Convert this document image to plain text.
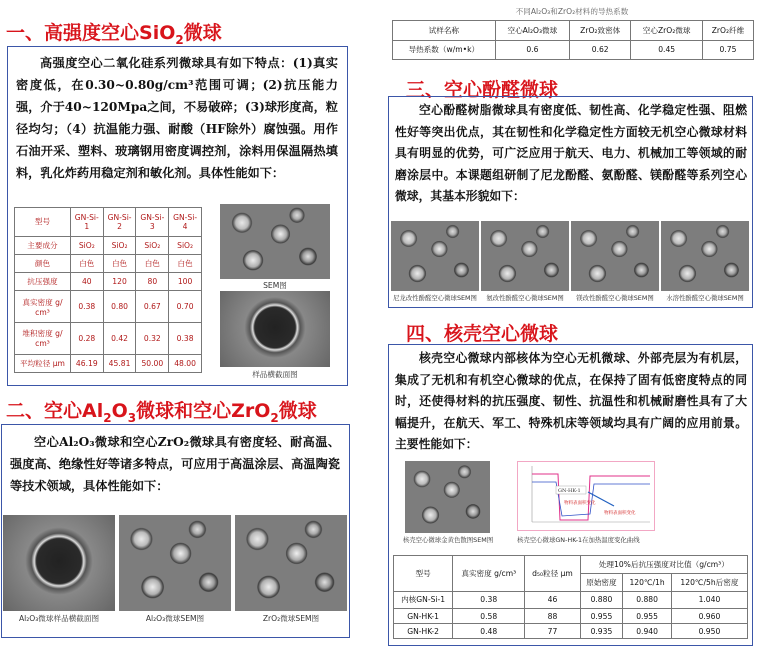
一、高强度空心SiO$_2$微球
高强度空心二氧化硅系列微球具有如下特点：(1)真实密度低，在0.30~0.80g/cm³范围可调；(2)抗压能力强，介于40~120Mpa之间，不易破碎；(3)球形度高，粒径均匀；（4）抗温能力强、耐酸（HF除外）腐蚀强。用作石油开采、塑料、玻璃钢用密度调控剂，涂料用保温隔热填料，乳化炸药用稳定剂和敏化剂。具体性能如下：
型号	GN-Si-1	GN-Si-2	GN-Si-3	GN-Si-4
主要成分	SiO₂	SiO₂	SiO₂	SiO₂
颜色	白色	白色	白色	白色
抗压强度	40	120	80	100
真实密度 g/ cm³	0.38	0.80	0.67	0.70
堆积密度 g/ cm³	0.28	0.42	0.32	0.38
平均粒径 μm	46.19	45.81	50.00	48.00
SEM图
样品横截面图
二、空心$Al_2O_3$微球和空心ZrO$_2$微球
空心Al₂O₃微球和空心ZrO₂微球具有密度轻、耐高温、强度高、绝缘性好等诸多特点，可应用于高温涂层、高温陶瓷等技术领域，具体性能如下：
Al₂O₃微球样品横截面图	Al₂O₃微球SEM图	ZrO₂微球SEM图
不同Al₂O₃和ZrO₂材料的导热系数
试样名称	空心Al₂O₃微球	ZrO₂致密体	空心ZrO₂微球	ZrO₂纤维
导热系数（w/m•k）	0.6	0.62	0.45	0.75
三、空心酚醛微球
空心酚醛树脂微球具有密度低、韧性高、化学稳定性强、阻燃性好等突出优点，其在韧性和化学稳定性方面较无机空心微球材料具有明显的优势，可广泛应用于航天、电力、机械加工等领域的耐磨涂层中。本课题组研制了尼龙酚醛、氨酚醛、镁酚醛等系列空心微球，其基本形貌如下：
尼龙改性酚醛空心微球SEM图	氨改性酚醛空心微球SEM图	镁改性酚醛空心微球SEM图	水溶性酚醛空心微球SEM图
四、核壳空心微球
核壳空心微球内部核体为空心无机微球、外部壳层为有机层，集成了无机和有机空心微球的优点，在保持了固有低密度特点的同时，还使得材料的抗压强度、韧性、抗温性和机械耐磨性具有了大幅提升，在航天、军工、特殊机床等领域均具有广阔的应用前景。主要性能如下：
核壳空心微球金黄色散图SEM图
GN-HK-1
物料表面积变化
物料表面积变化
核壳空心微球GN-HK-1在加热温度变化曲线
型号	真实密度 g/cm³	d₅₀粒径 μm	处理10%后抗压强度对比值（g/cm³）		
			原始密度	120℃/1h	120℃/5h后密度
内核GN-Si-1	0.38	46	0.880	0.880	1.040
GN-HK-1	0.58	88	0.955	0.955	0.960
GN-HK-2	0.48	77	0.935	0.940	0.950
